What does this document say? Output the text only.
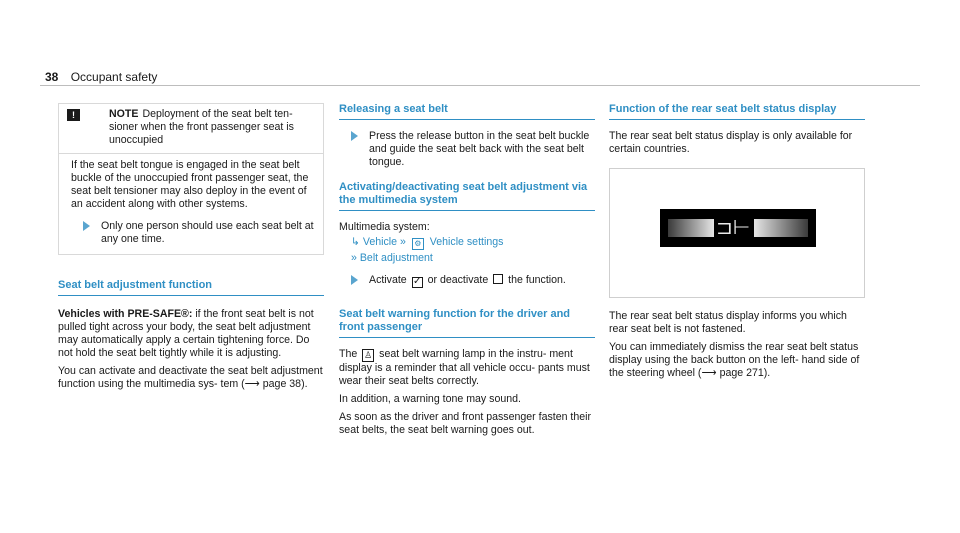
38 Occupant safety
!	NOTE Deployment of the seat belt ten- sioner when the front passenger seat is unoccupied
If the seat belt tongue is engaged in the seat belt buckle of the unoccupied front passenger seat, the seat belt tensioner may also deploy in the event of an accident along with other systems.
Only one person should use each seat belt at any one time.
Seat belt adjustment function

Vehicles with PRE-SAFE®: if the front seat belt is not pulled tight across your body, the seat belt adjustment may automatically apply a certain tightening force. Do not hold the seat belt tightly while it is adjusting.

You can activate and deactivate the seat belt adjustment function using the multimedia sys- tem (⟶ page 38).

Releasing a seat belt
Press the release button in the seat belt buckle and guide the seat belt back with the seat belt tongue.
Activating/deactivating seat belt adjustment via the multimedia system

Multimedia system:

↳ Vehicle » ⚙ Vehicle settings
» Belt adjustment
Activate ✓ or deactivate the function.
Seat belt warning function for the driver and front passenger

The ♙ seat belt warning lamp in the instru- ment display is a reminder that all vehicle occu- pants must wear their seat belts correctly.

In addition, a warning tone may sound.

As soon as the driver and front passenger fasten their seat belts, the seat belt warning goes out.

Function of the rear seat belt status display

The rear seat belt status display is only available for certain countries.

⊐⊢

The rear seat belt status display informs you which rear seat belt is not fastened.

You can immediately dismiss the rear seat belt status display using the back button on the left- hand side of the steering wheel (⟶ page 271).
